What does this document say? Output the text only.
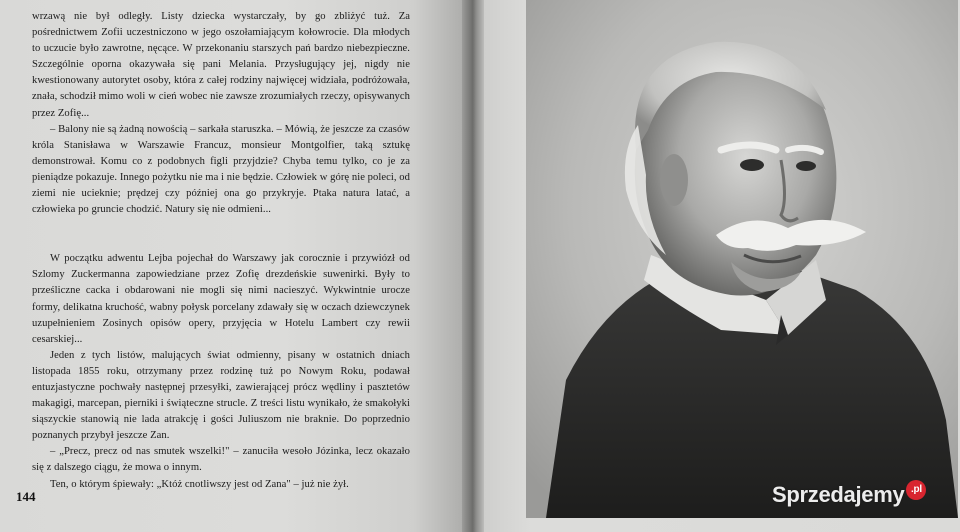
wrzawą nie był odległy. Listy dziecka wystarczały, by go zbliżyć tuż. Za pośrednictwem Zofii uczestniczono w jego oszołamiającym kołowrocie. Dla młodych to uczucie było zawrotne, nęcące. W przekonaniu starszych pań bardzo niebezpieczne. Szczególnie oporna okazywała się pani Melania. Przysługujący jej, nigdy nie kwestionowany autorytet osoby, która z całej rodziny najwięcej widziała, podróżowała, znała, schodził mimo woli w cień wobec nie zawsze zrozumiałych rzeczy, opisywanych przez Zofię...

– Balony nie są żadną nowością – sarkała staruszka. – Mówią, że jeszcze za czasów króla Stanisława w Warszawie Francuz, monsieur Montgolfier, taką sztukę demonstrował. Komu co z podobnych figli przyjdzie? Chyba temu tylko, co je za pieniądze pokazuje. Innego pożytku nie ma i nie będzie. Człowiek w górę nie poleci, od ziemi nie ucieknie; prędzej czy później ona go przykryje. Ptaka natura latać, a człowieka po gruncie chodzić. Natury się nie odmieni...

W początku adwentu Lejba pojechał do Warszawy jak corocznie i przywiózł od Szlomy Zuckermanna zapowiedziane przez Zofię drezdeńskie suwenirki. Były to prześliczne cacka i obdarowani nie mogli się nimi nacieszyć. Wykwintnie urocze formy, delikatna kruchość, wabny połysk porcelany zdawały się w oczach dziewczynek uzupełnieniem Zosinych opisów opery, przyjęcia w Hotelu Lambert czy rewii cesarskiej...

Jeden z tych listów, malujących świat odmienny, pisany w ostatnich dniach listopada 1855 roku, otrzymany przez rodzinę tuż po Nowym Roku, podawał entuzjastyczne pochwały następnej przesyłki, zawierającej prócz wędliny i pasztetów makagigi, marcepan, pierniki i świąteczne strucle. Z treści listu wynikało, że smakołyki siąszyckie stanowią nie lada atrakcję i gości Juliuszom nie braknie. Do poprzednio poznanych przybył jeszcze Zan.

– „Precz, precz od nas smutek wszelki!" – zanuciła wesoło Józinka, lecz okazało się z dalszego ciągu, że mowa o innym.

Ten, o którym śpiewały: „Któż cnotliwszy jest od Zana" – już nie żył.

144	Sprzedajemy .pl
